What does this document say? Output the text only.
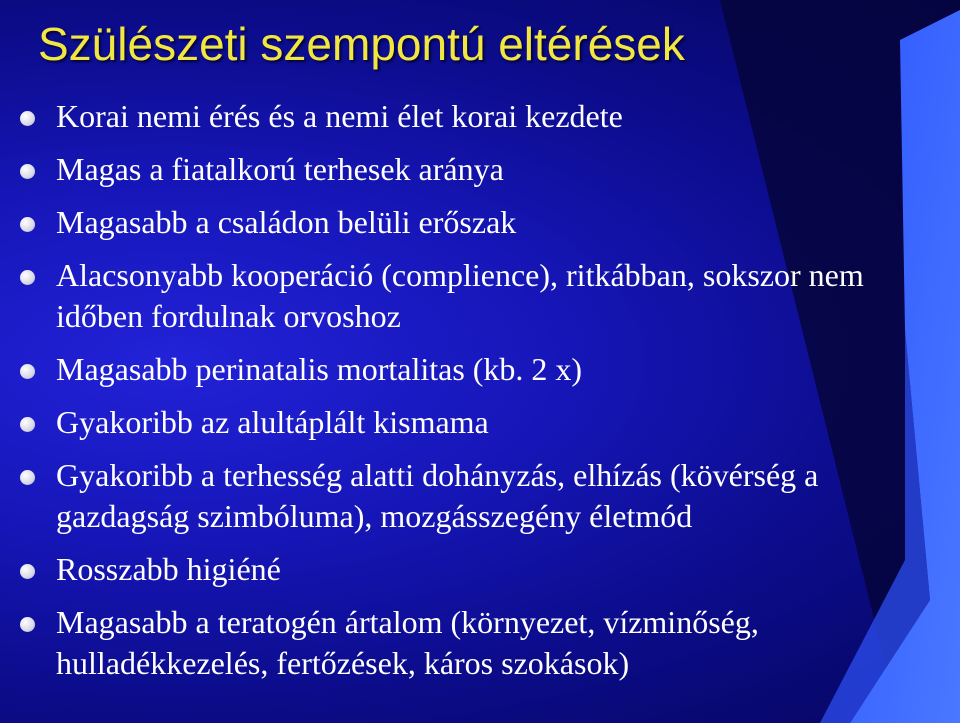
Szülészeti szempontú eltérések
Korai nemi érés és a nemi élet korai kezdete
Magas a fiatalkorú terhesek aránya
Magasabb a családon belüli erőszak
Alacsonyabb kooperáció (complience), ritkábban, sokszor nem időben fordulnak orvoshoz
Magasabb perinatalis mortalitas (kb. 2 x)
Gyakoribb az alultáplált kismama
Gyakoribb a terhesség alatti dohányzás, elhízás (kövérség a gazdagság szimbóluma), mozgásszegény életmód
Rosszabb higiéné
Magasabb a teratogén ártalom (környezet, vízminőség, hulladékkezelés, fertőzések, káros szokások)
